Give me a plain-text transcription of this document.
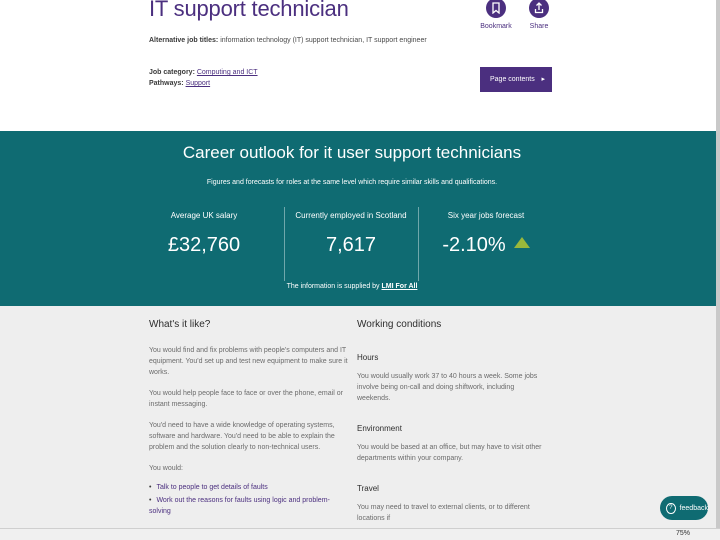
IT support technician
Alternative job titles: information technology (IT) support technician, IT support engineer
Job category: Computing and ICT
Pathways: Support
Bookmark	Share
Page contents ▸
Career outlook for it user support technicians

Figures and forecasts for roles at the same level which require similar skills and qualifications.

Average UK salary
£32,760
Currently employed in Scotland
7,617
Six year jobs forecast
-2.10%

The information is supplied by LMI For All

What's it like?

You would find and fix problems with people's computers and IT equipment. You'd set up and test new equipment to make sure it works.

You would help people face to face or over the phone, email or instant messaging.

You'd need to have a wide knowledge of operating systems, software and hardware. You'd need to be able to explain the problem and the solution clearly to non-technical users.

You would:

• Talk to people to get details of faults
• Work out the reasons for faults using logic and problem-solving
Working conditions
Hours

You would usually work 37 to 40 hours a week. Some jobs involve being on-call and doing shiftwork, including weekends.

Environment

You would be based at an office, but may have to visit other departments within your company.

Travel

You may need to travel to external clients, or to different locations if

?	feedback
75%
